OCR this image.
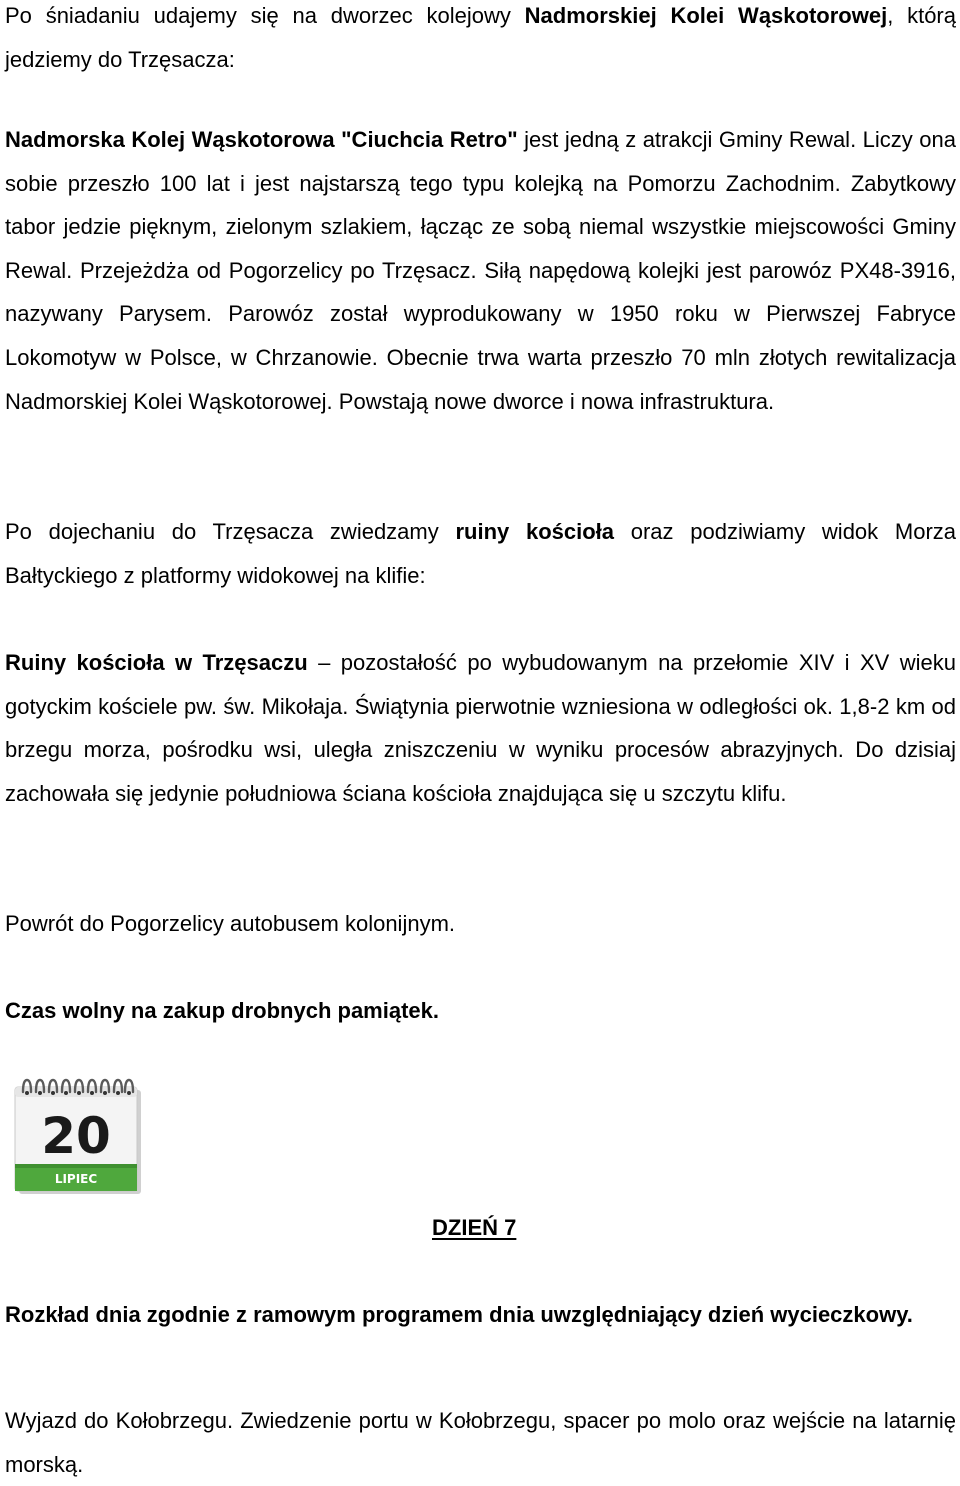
Po śniadaniu udajemy się na dworzec kolejowy Nadmorskiej Kolei Wąskotorowej, którą jedziemy do Trzęsacza:

Nadmorska Kolej Wąskotorowa "Ciuchcia Retro" jest jedną z atrakcji Gminy Rewal. Liczy ona sobie przeszło 100 lat i jest najstarszą tego typu kolejką na Pomorzu Zachodnim. Zabytkowy tabor jedzie pięknym, zielonym szlakiem, łącząc ze sobą niemal wszystkie miejscowości Gminy Rewal. Przejeżdża od Pogorzelicy po Trzęsacz. Siłą napędową kolejki jest parowóz PX48-3916, nazywany Parysem. Parowóz został wyprodukowany w 1950 roku w Pierwszej Fabryce Lokomotyw w Polsce, w Chrzanowie. Obecnie trwa warta przeszło 70 mln złotych rewitalizacja Nadmorskiej Kolei Wąskotorowej. Powstają nowe dworce i nowa infrastruktura.

Po dojechaniu do Trzęsacza zwiedzamy ruiny kościoła oraz podziwiamy widok Morza Bałtyckiego z platformy widokowej na klifie:

Ruiny kościoła w Trzęsaczu – pozostałość po wybudowanym na przełomie XIV i XV wieku gotyckim kościele pw. św. Mikołaja. Świątynia pierwotnie wzniesiona w odległości ok. 1,8-2 km od brzegu morza, pośrodku wsi, uległa zniszczeniu w wyniku procesów abrazyjnych. Do dzisiaj zachowała się jedynie południowa ściana kościoła znajdująca się u szczytu klifu.

Powrót do Pogorzelicy autobusem kolonijnym.

Czas wolny na zakup drobnych pamiątek.

20
LIPIEC
DZIEŃ 7

Rozkład dnia zgodnie z ramowym programem dnia uwzględniający dzień wycieczkowy.

Wyjazd do Kołobrzegu. Zwiedzenie portu w Kołobrzegu, spacer po molo oraz wejście na latarnię morską.
